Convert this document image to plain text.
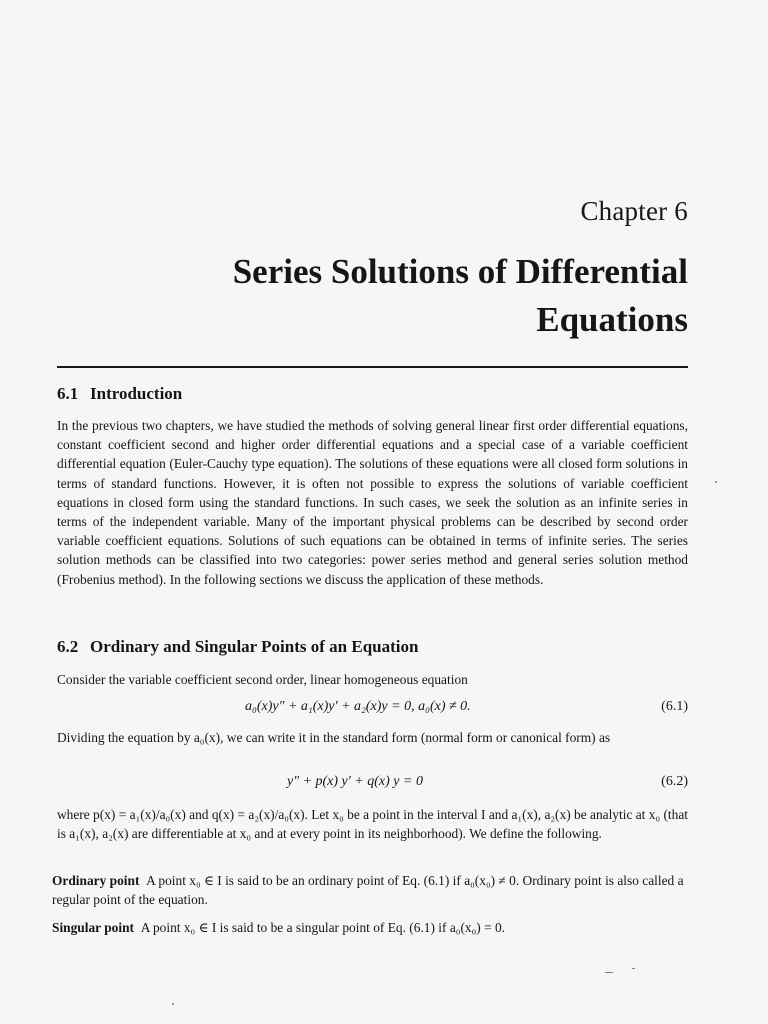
Chapter 6
Series Solutions of Differential Equations
6.1 Introduction
In the previous two chapters, we have studied the methods of solving general linear first order differential equations, constant coefficient second and higher order differential equations and a special case of a variable coefficient differential equation (Euler-Cauchy type equation). The solutions of these equations were all closed form solutions in terms of standard functions. However, it is often not possible to express the solutions of variable coefficient equations in closed form using the standard functions. In such cases, we seek the solution as an infinite series in terms of the independent variable. Many of the important physical problems can be described by second order variable coefficient equations. Solutions of such equations can be obtained in terms of infinite series. The series solution methods can be classified into two categories: power series method and general series solution method (Frobenius method). In the following sections we discuss the application of these methods.
6.2 Ordinary and Singular Points of an Equation
Consider the variable coefficient second order, linear homogeneous equation
a₀(x)y″ + a₁(x)y′ + a₂(x)y = 0, a₀(x) ≠ 0.	(6.1)
Dividing the equation by a₀(x), we can write it in the standard form (normal form or canonical form) as
y″ + p(x) y′ + q(x) y = 0	(6.2)
where p(x) = a₁(x)/a₀(x) and q(x) = a₂(x)/a₀(x). Let x₀ be a point in the interval I and a₁(x), a₂(x) be analytic at x₀ (that is a₁(x), a₂(x) are differentiable at x₀ and at every point in its neighborhood). We define the following.
Ordinary point A point x₀ ∈ I is said to be an ordinary point of Eq. (6.1) if a₀(x₀) ≠ 0. Ordinary point is also called a regular point of the equation.
Singular point A point x₀ ∈ I is said to be a singular point of Eq. (6.1) if a₀(x₀) = 0.
